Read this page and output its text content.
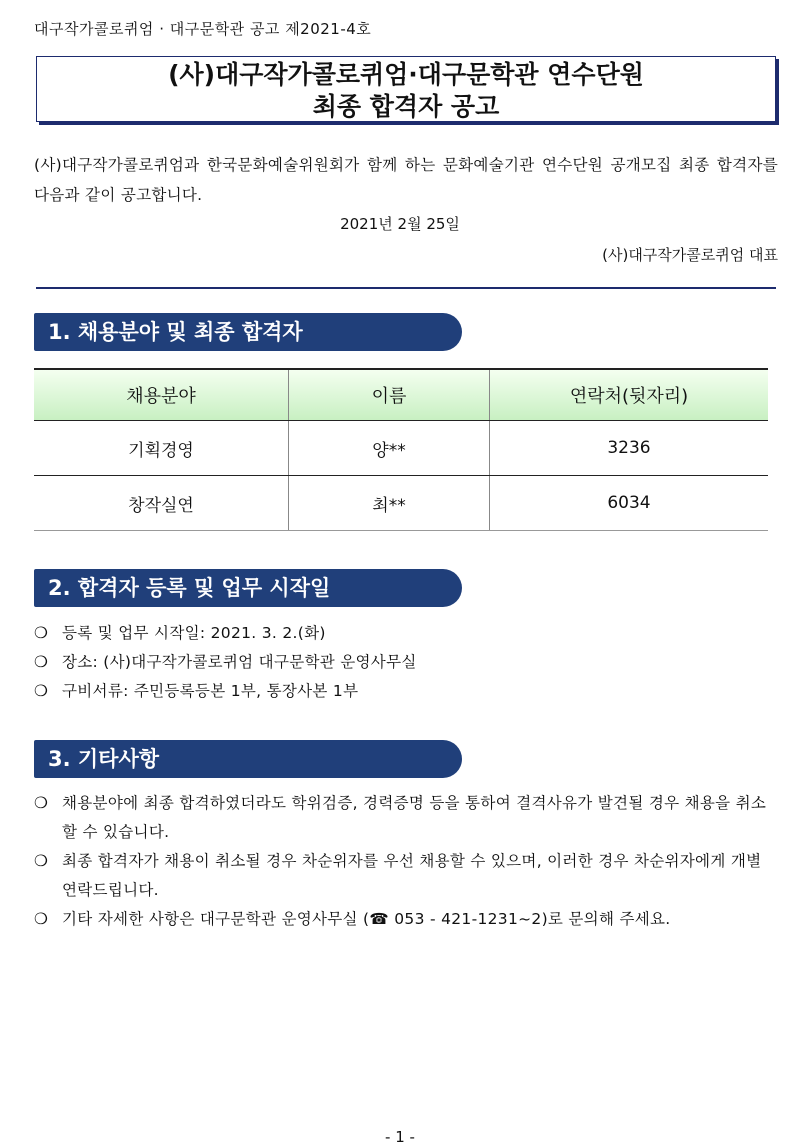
대구작가콜로퀴엄 · 대구문학관 공고 제2021-4호
(사)대구작가콜로퀴엄·대구문학관 연수단원
최종 합격자 공고

(사)대구작가콜로퀴엄과 한국문화예술위원회가 함께 하는 문화예술기관 연수단원 공개모집 최종 합격자를 다음과 같이 공고합니다.

2021년 2월 25일
(사)대구작가콜로퀴엄 대표
1. 채용분야 및 최종 합격자
채용분야	이름	연락처(뒷자리)
기획경영	양**	3236
창작실연	최**	6034
2. 합격자 등록 및 업무 시작일
❍ 등록 및 업무 시작일: 2021. 3. 2.(화)
❍ 장소: (사)대구작가콜로퀴엄 대구문학관 운영사무실
❍ 구비서류: 주민등록등본 1부, 통장사본 1부
3. 기타사항
❍ 채용분야에 최종 합격하였더라도 학위검증, 경력증명 등을 통하여 결격사유가 발견될 경우 채용을 취소할 수 있습니다.
❍ 최종 합격자가 채용이 취소될 경우 차순위자를 우선 채용할 수 있으며, 이러한 경우 차순위자에게 개별 연락드립니다.
❍ 기타 자세한 사항은 대구문학관 운영사무실 (☎ 053 - 421-1231~2)로 문의해 주세요.
- 1 -
